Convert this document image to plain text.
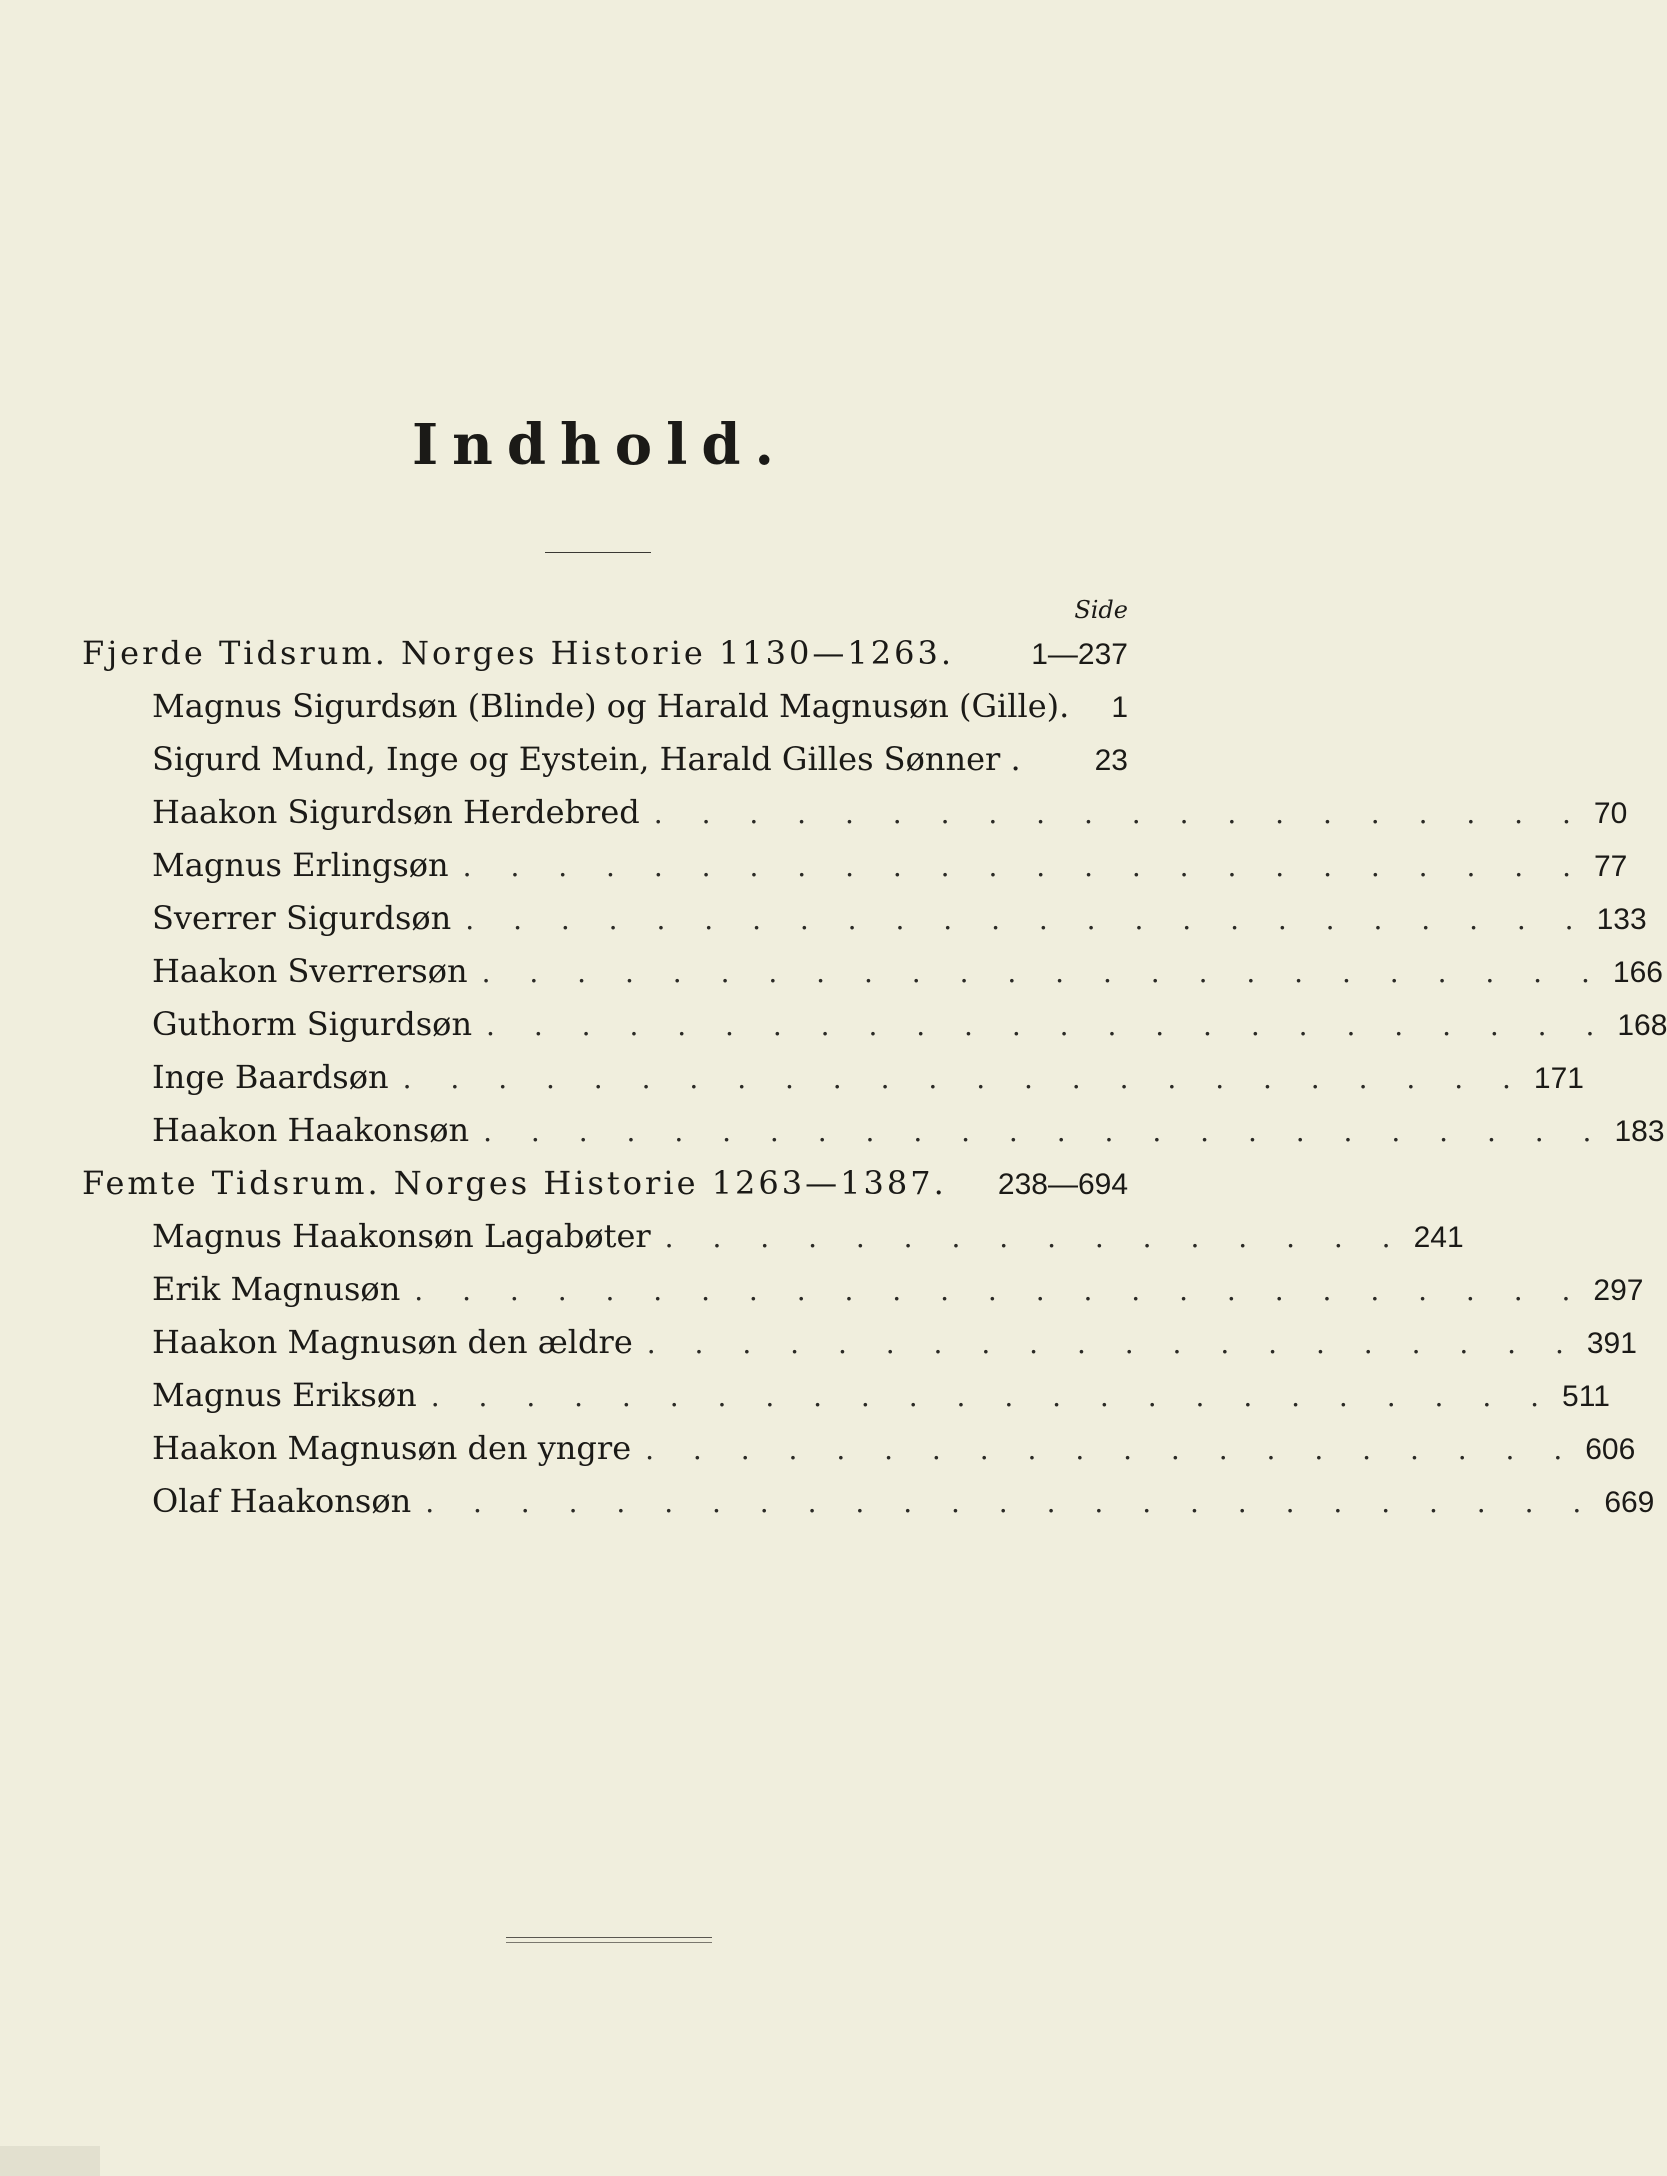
Indhold.
Side
Fjerde Tidsrum. Norges Historie 1130—1263.	1—237
Magnus Sigurdsøn (Blinde) og Harald Magnusøn (Gille). 1
Sigurd Mund, Inge og Eystein, Harald Gilles Sønner . 23
Haakon Sigurdsøn Herdebred . . . . . . . . . . . . . . . . . . . . 70
Magnus Erlingsøn . . . . . . . . . . . . . . . . . . . . . . . . 77
Sverrer Sigurdsøn . . . . . . . . . . . . . . . . . . . . . . . . 133
Haakon Sverrersøn . . . . . . . . . . . . . . . . . . . . . . . . 166
Guthorm Sigurdsøn . . . . . . . . . . . . . . . . . . . . . . . . 168
Inge Baardsøn . . . . . . . . . . . . . . . . . . . . . . . . 171
Haakon Haakonsøn . . . . . . . . . . . . . . . . . . . . . . . . 183
Femte Tidsrum. Norges Historie 1263—1387. 238—694
Magnus Haakonsøn Lagabøter . . . . . . . . . . . . . . . . 241
Erik Magnusøn . . . . . . . . . . . . . . . . . . . . . . . . . 297
Haakon Magnusøn den ældre . . . . . . . . . . . . . . . . . . . . 391
Magnus Eriksøn . . . . . . . . . . . . . . . . . . . . . . . . 511
Haakon Magnusøn den yngre . . . . . . . . . . . . . . . . . . . . 606
Olaf Haakonsøn . . . . . . . . . . . . . . . . . . . . . . . . . 669
